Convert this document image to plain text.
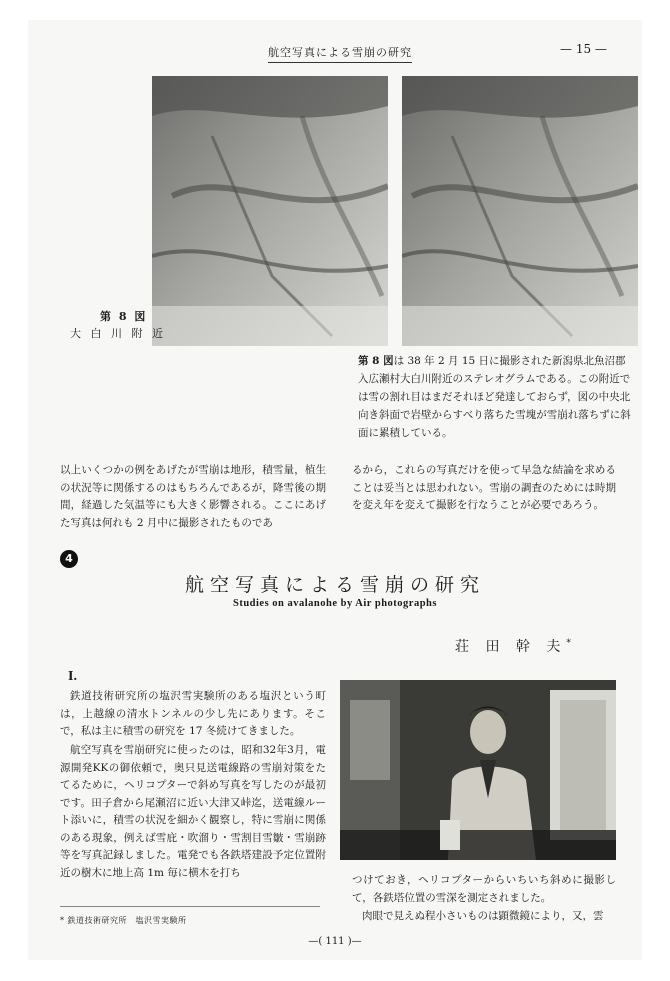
航空写真による雪崩の研究	— 15 —
第 8 図
大 白 川 附 近
第 8 図は 38 年 2 月 15 日に撮影された新潟県北魚沼郡入広瀬村大白川附近のステレオグラムである。この附近では雪の割れ目はまだそれほど発達しておらず，図の中央北向き斜面で岩壁からすべり落ちた雪塊が雪崩れ落ちずに斜面に累積している。
以上いくつかの例をあげたが雪崩は地形，積雪量，植生の状況等に関係するのはもちろんであるが，降雪後の期間，経過した気温等にも大きく影響される。ここにあげた写真は何れも 2 月中に撮影されたものであ
るから，これらの写真だけを使って早急な結論を求めることは妥当とは思われない。雪崩の調査のためには時期を変え年を変えて撮影を行なうことが必要であろう。
4
航空写真による雪崩の研究
Studies on avalanohe by Air photographs
荘 田 幹 夫*
I.
鉄道技術研究所の塩沢雪実験所のある塩沢という町は，上越線の清水トンネルの少し先にあります。そこで，私は主に積雪の研究を 17 冬続けてきました。
航空写真を雪崩研究に使ったのは，昭和32年3月，電源開発KKの御依頼で，奥只見送電線路の雪崩対策をたてるために，ヘリコプターで斜め写真を写したのが最初です。田子倉から尾瀬沼に近い大津又峠迄，送電線ルート添いに，積雪の状況を細かく観察し，特に雪崩に関係のある現象，例えば雪庇・吹溜り・雪割目雪皺・雪崩跡等を写真記録しました。電発でも各鉄塔建設予定位置附近の樹木に地上高 1m 毎に横木を打ち
つけておき，ヘリコプターからいちいち斜めに撮影して，各鉄塔位置の雪深を測定されました。
肉眼で見えぬ程小さいものは顕微鏡により，又，雲
* 鉄道技術研究所　塩沢雪実験所
—( 111 )—
